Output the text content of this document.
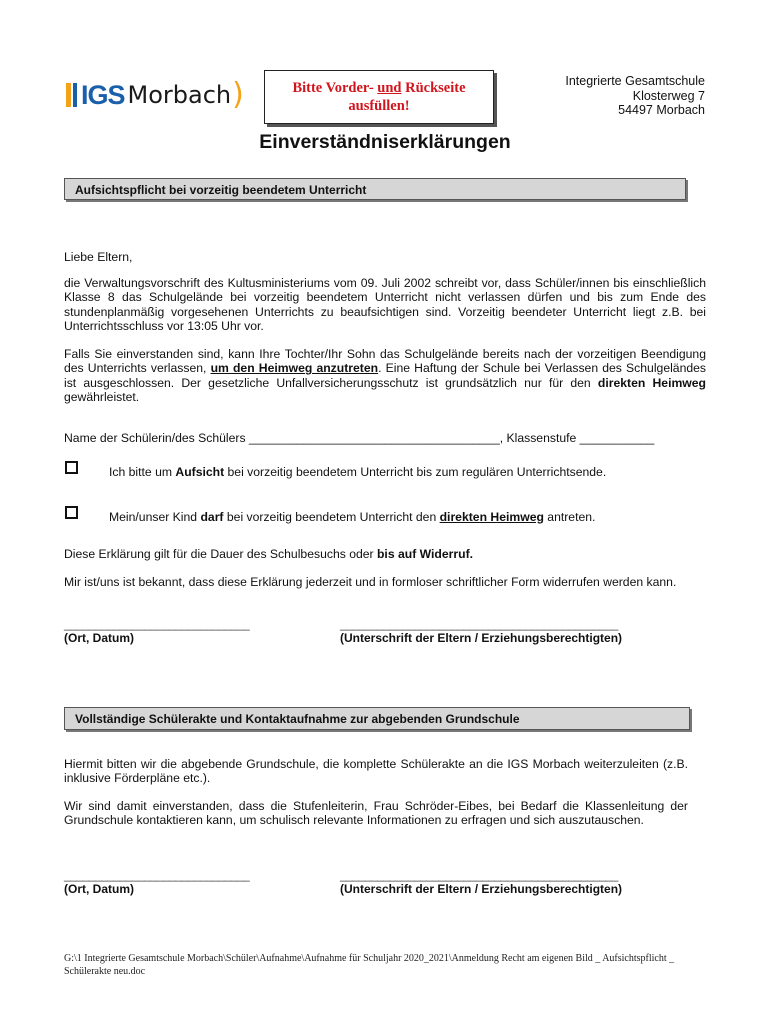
IGS Morbach )	Bitte Vorder- und Rückseite
ausfüllen!
Integrierte Gesamtschule
Klosterweg 7
54497 Morbach
Einverständniserklärungen
Aufsichtspflicht bei vorzeitig beendetem Unterricht
Liebe Eltern,
die Verwaltungsvorschrift des Kultusministeriums vom 09. Juli 2002 schreibt vor, dass Schüler/innen bis einschließlich Klasse 8 das Schulgelände bei vorzeitig beendetem Unterricht nicht verlassen dürfen und bis zum Ende des stundenplanmäßig vorgesehenen Unterrichts zu beaufsichtigen sind. Vorzeitig beendeter Unterricht liegt z.B. bei Unterrichtsschluss vor 13:05 Uhr vor.
Falls Sie einverstanden sind, kann Ihre Tochter/Ihr Sohn das Schulgelände bereits nach der vorzeitigen Beendigung des Unterrichts verlassen, um den Heimweg anzutreten. Eine Haftung der Schule bei Verlassen des Schulgeländes ist ausgeschlossen. Der gesetzliche Unfallversicherungsschutz ist grundsätzlich nur für den direkten Heimweg gewährleistet.
Name der Schülerin/des Schülers _____________________________________, Klassenstufe ___________
Ich bitte um Aufsicht bei vorzeitig beendetem Unterricht bis zum regulären Unterrichtsende.
Mein/unser Kind darf bei vorzeitig beendetem Unterricht den direkten Heimweg antreten.
Diese Erklärung gilt für die Dauer des Schulbesuchs oder bis auf Widerruf.
Mir ist/uns ist bekannt, dass diese Erklärung jederzeit und in formloser schriftlicher Form widerrufen werden kann.
______________________________	_____________________________________________
(Ort, Datum)	(Unterschrift der Eltern / Erziehungsberechtigten)
Vollständige Schülerakte und Kontaktaufnahme zur abgebenden Grundschule
Hiermit bitten wir die abgebende Grundschule, die komplette Schülerakte an die IGS Morbach weiterzuleiten (z.B. inklusive Förderpläne etc.).
Wir sind damit einverstanden, dass die Stufenleiterin, Frau Schröder-Eibes, bei Bedarf die Klassenleitung der Grundschule kontaktieren kann, um schulisch relevante Informationen zu erfragen und sich auszutauschen.
______________________________	_____________________________________________
(Ort, Datum)	(Unterschrift der Eltern / Erziehungsberechtigten)
G:\1 Integrierte Gesamtschule Morbach\Schüler\Aufnahme\Aufnahme für Schuljahr 2020_2021\Anmeldung Recht am eigenen Bild _ Aufsichtspflicht _ Schülerakte neu.doc
